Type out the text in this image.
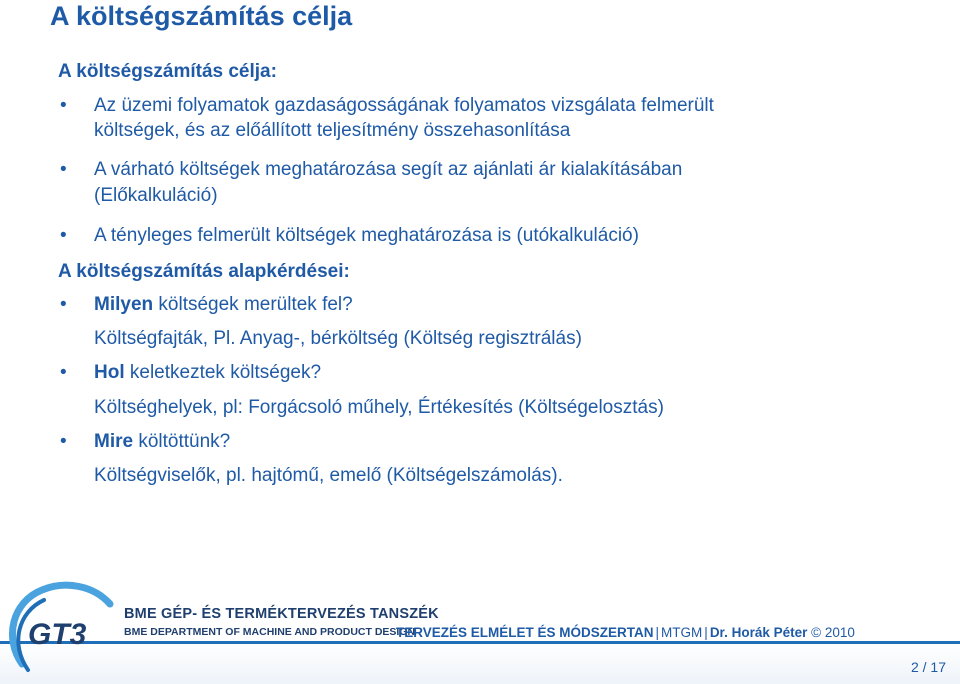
A költségszámítás célja
A költségszámítás célja:
• Az üzemi folyamatok gazdaságosságának folyamatos vizsgálata felmerült
költségek, és az előállított teljesítmény összehasonlítása
• A várható költségek meghatározása segít az ajánlati ár kialakításában
(Előkalkuláció)
• A tényleges felmerült költségek meghatározása is (utókalkuláció)
A költségszámítás alapkérdései:
• Milyen költségek merültek fel?
Költségfajták, Pl. Anyag-, bérköltség (Költség regisztrálás)
• Hol keletkeztek költségek?
Költséghelyek, pl: Forgácsoló műhely, Értékesítés (Költségelosztás)
• Mire költöttünk?
Költségviselők, pl. hajtómű, emelő (Költségelszámolás).
GT3
BME GÉP- ÉS TERMÉKTERVEZÉS TANSZÉK
BME DEPARTMENT OF MACHINE AND PRODUCT DESIGN
TERVEZÉS ELMÉLET ÉS MÓDSZERTAN | MTGM | Dr. Horák Péter © 2010
2 / 17
